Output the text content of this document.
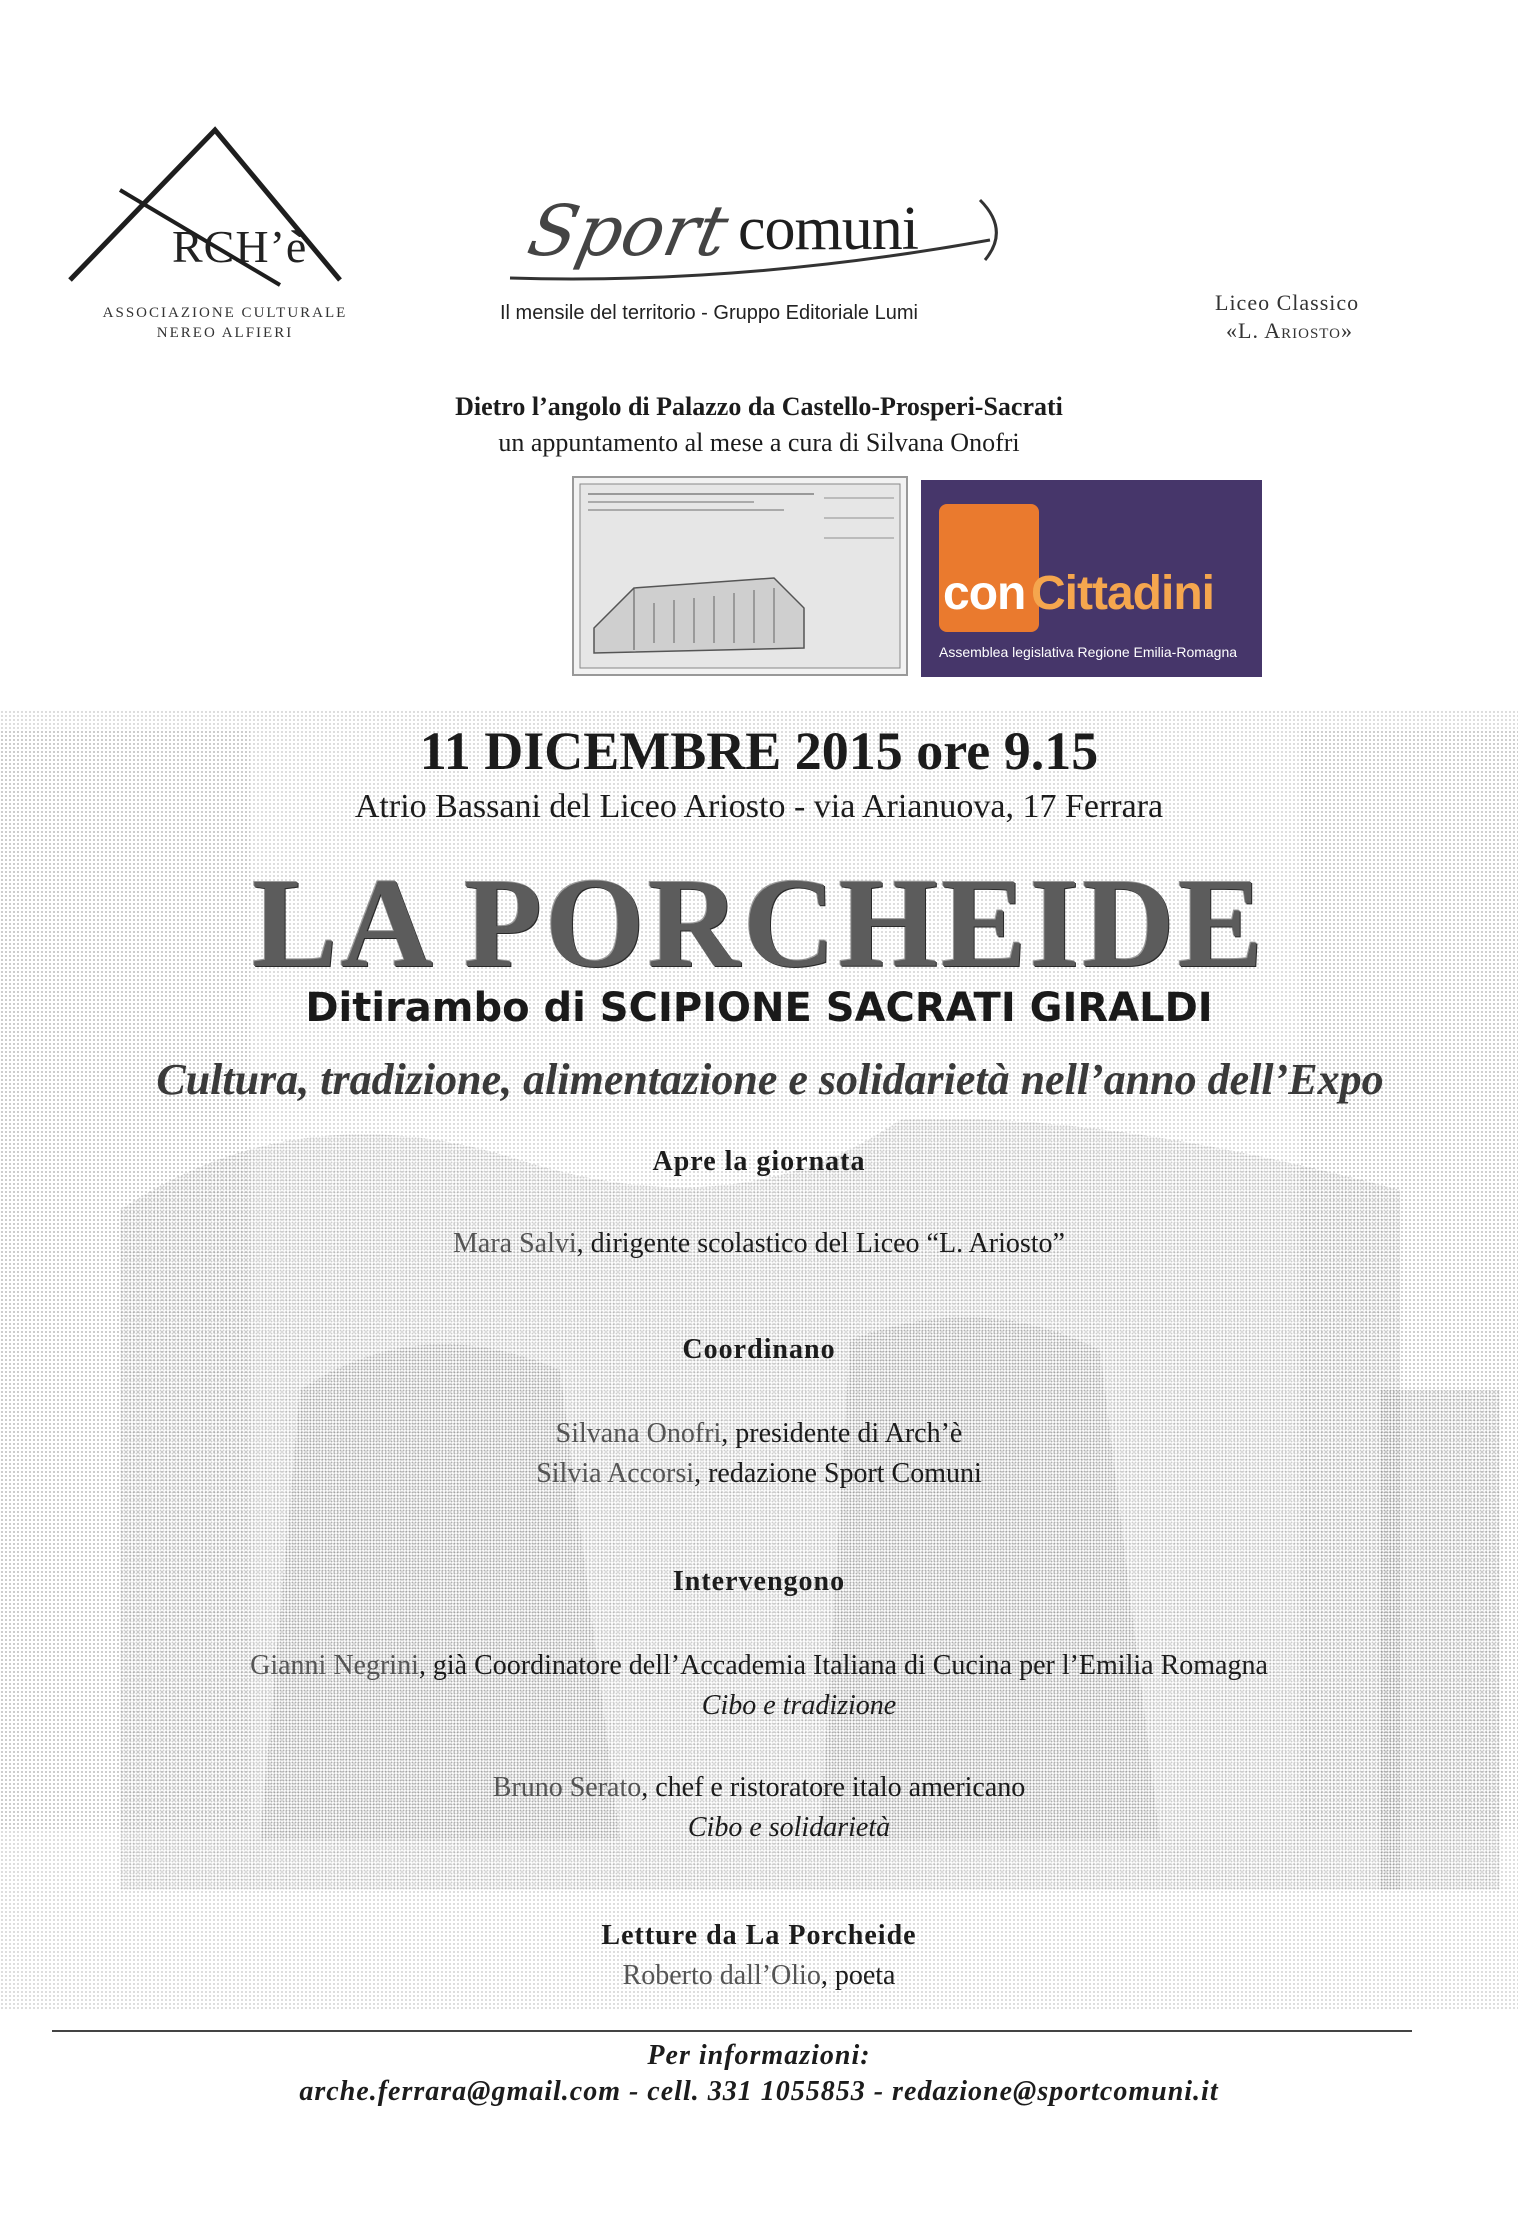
RCH’è
ASSOCIAZIONE CULTURALE
NEREO ALFIERI
Sport comuni
Il mensile del territorio - Gruppo Editoriale Lumi	Liceo Classico
«L. Ariosto»
Dietro l’angolo di Palazzo da Castello-Prosperi-Sacrati
un appuntamento al mese a cura di Silvana Onofri
con Cittadini
Assemblea legislativa Regione Emilia-Romagna
11 DICEMBRE 2015 ore 9.15
Atrio Bassani del Liceo Ariosto - via Arianuova, 17 Ferrara
LA PORCHEIDE
Ditirambo di SCIPIONE SACRATI GIRALDI
Cultura, tradizione, alimentazione e solidarietà nell’anno dell’Expo
Apre la giornata
Mara Salvi, dirigente scolastico del Liceo “L. Ariosto”
Coordinano
Silvana Onofri, presidente di Arch’è
Silvia Accorsi, redazione Sport Comuni
Intervengono
Gianni Negrini, già Coordinatore dell’Accademia Italiana di Cucina per l’Emilia Romagna
Cibo e tradizione
Bruno Serato, chef e ristoratore italo americano
Cibo e solidarietà
Letture da La Porcheide
Roberto dall’Olio, poeta
Per informazioni:
arche.ferrara@gmail.com - cell. 331 1055853 - redazione@sportcomuni.it
